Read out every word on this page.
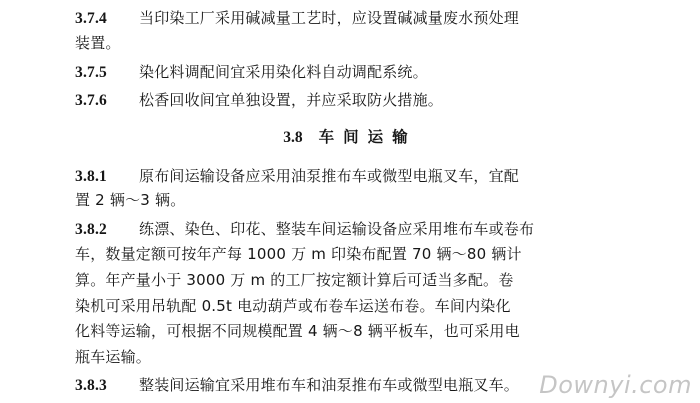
3.7.4 当印染工厂采用碱减量工艺时，应设置碱减量废水预处理
装置。
3.7.5 染化料调配间宜采用染化料自动调配系统。
3.7.6 松香回收间宜单独设置，并应采取防火措施。
3.8 车间运输
3.8.1 原布间运输设备应采用油泵推布车或微型电瓶叉车，宜配
置 2 辆～3 辆。
3.8.2 练漂、染色、印花、整装车间运输设备应采用堆布车或卷布
车，数量定额可按年产每 1000 万 m 印染布配置 70 辆～80 辆计
算。年产量小于 3000 万 m 的工厂按定额计算后可适当多配。卷
染机可采用吊轨配 0.5t 电动葫芦或布卷车运送布卷。车间内染化
化料等运输，可根据不同规模配置 4 辆～8 辆平板车，也可采用电
瓶车运输。
3.8.3 整装间运输宜采用堆布车和油泵推布车或微型电瓶叉车。 Downyi.com
